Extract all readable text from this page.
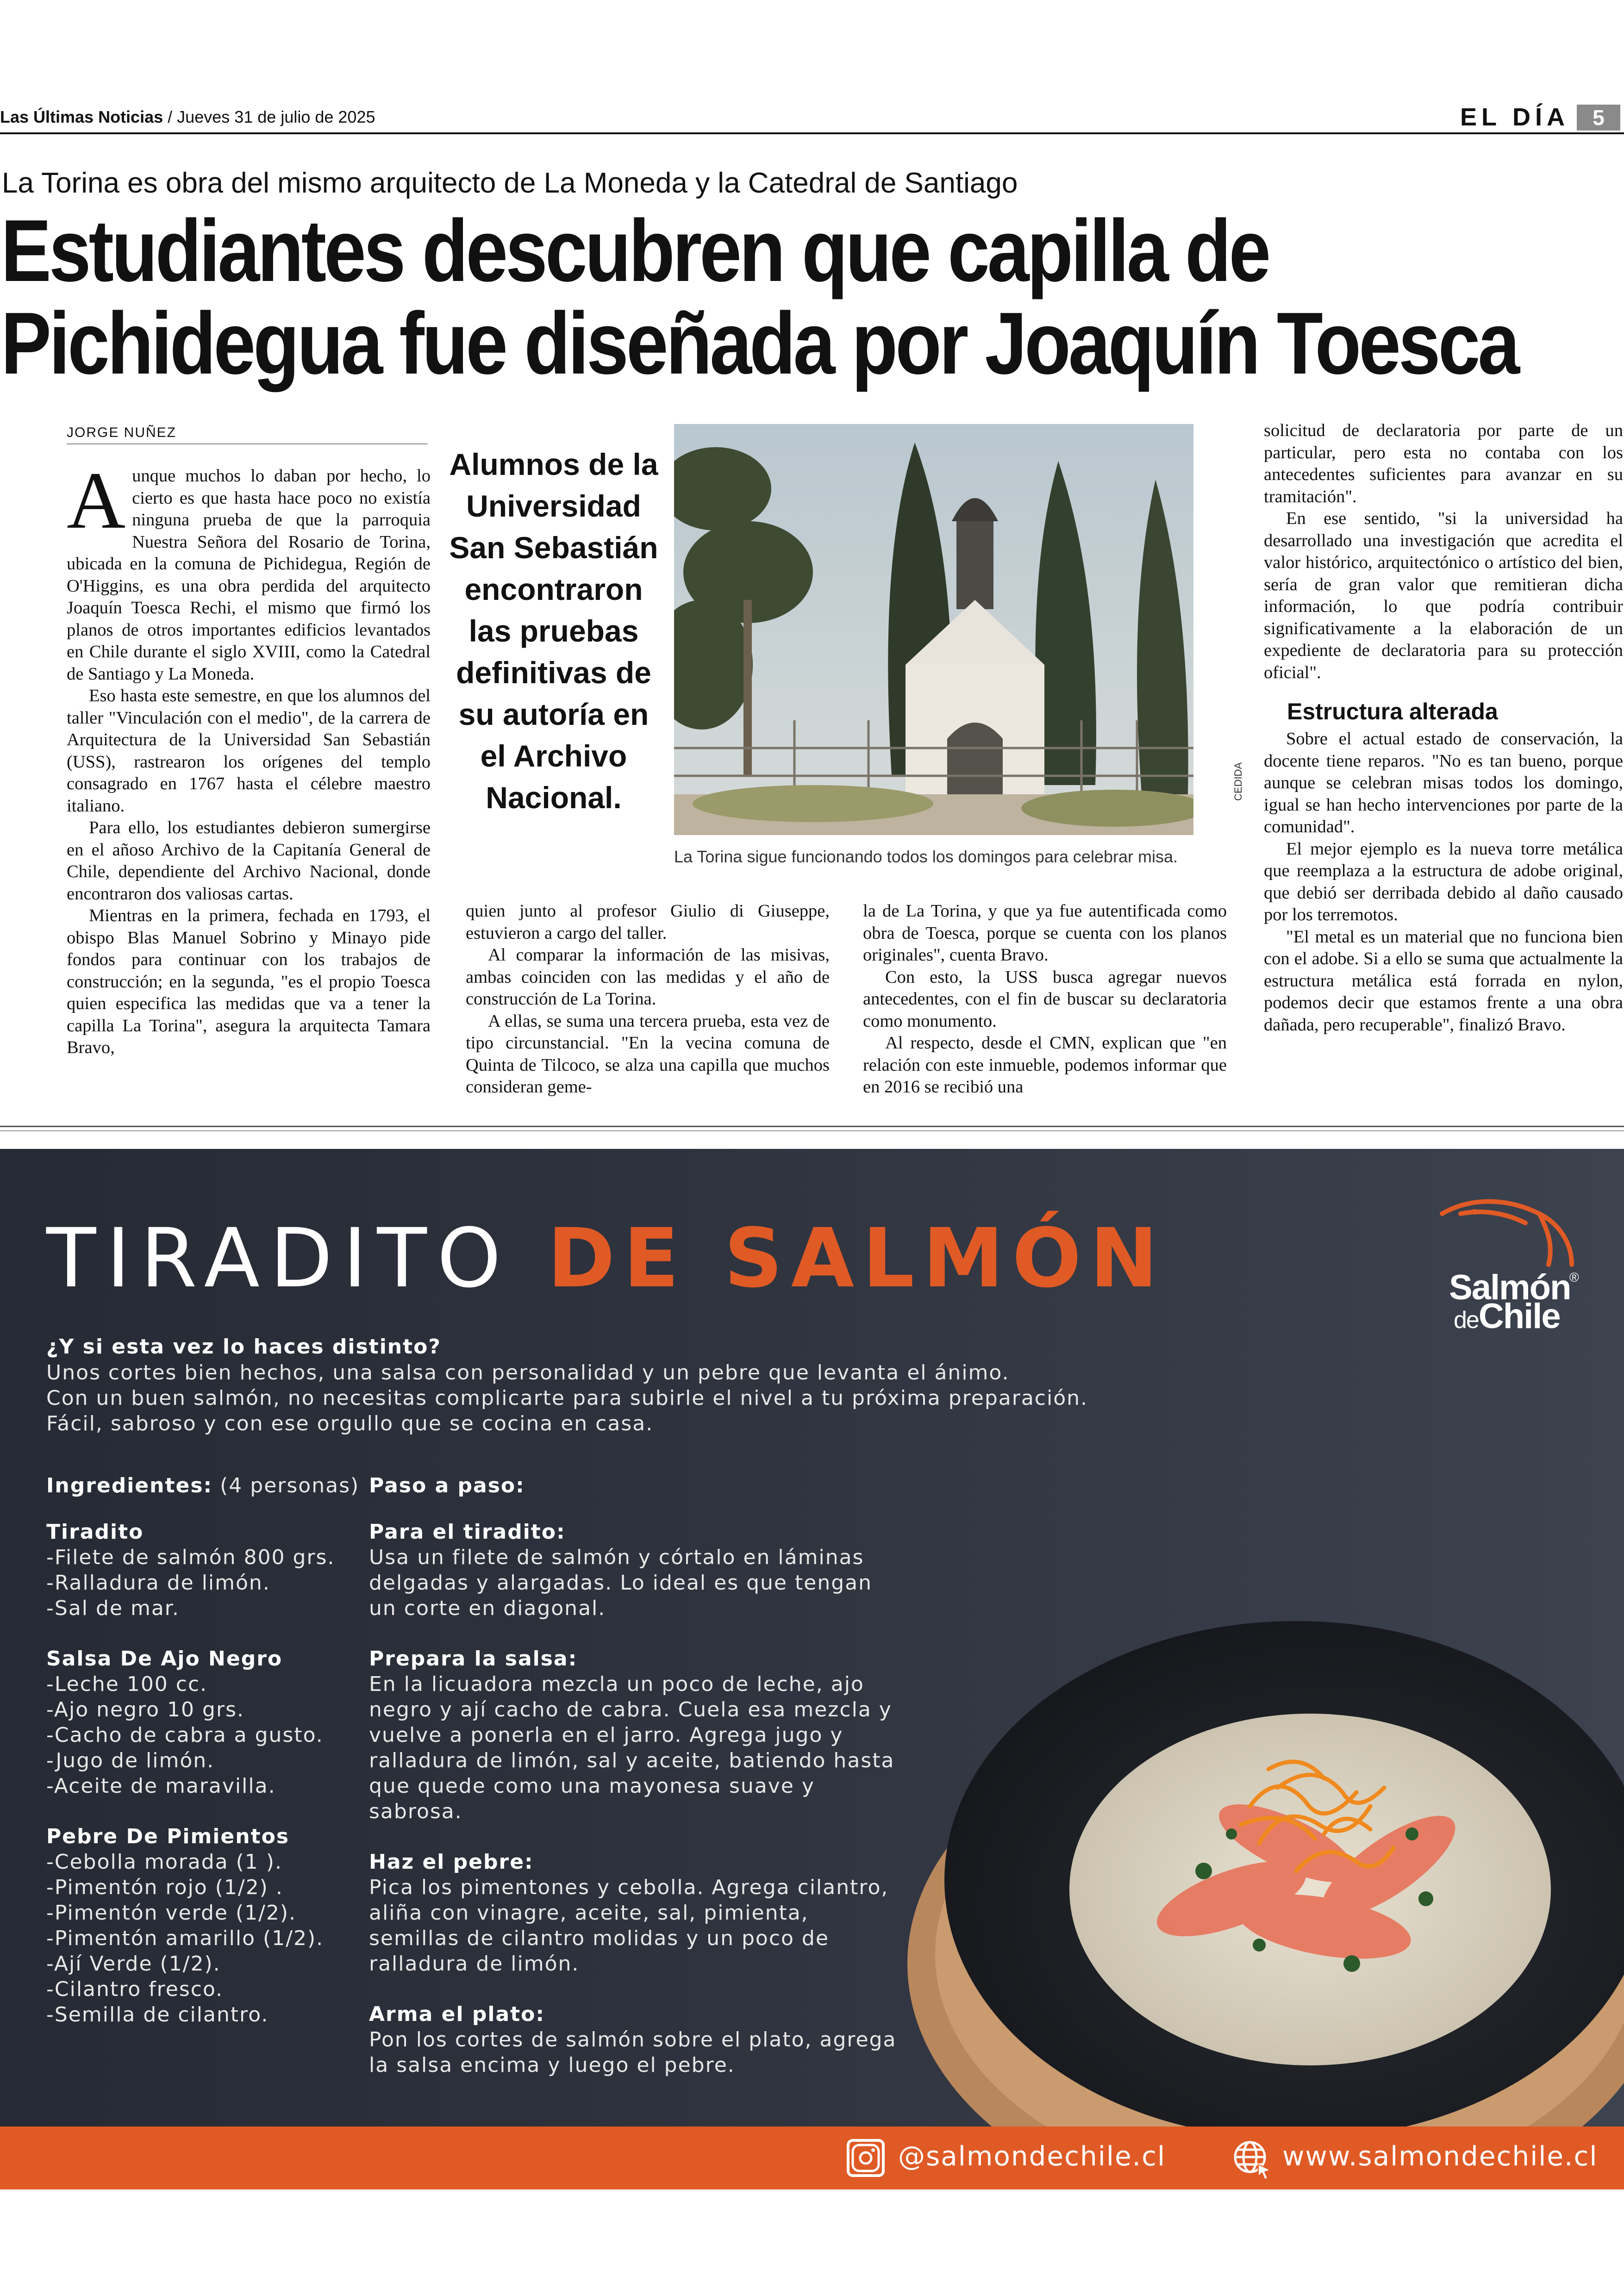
Las Últimas Noticias / Jueves 31 de julio de 2025	EL DÍA	5
La Torina es obra del mismo arquitecto de La Moneda y la Catedral de Santiago
Estudiantes descubren que capilla de
Pichidegua fue diseñada por Joaquín Toesca
JORGE NUÑEZ

Aunque muchos lo daban por hecho, lo cierto es que hasta hace poco no existía ninguna prueba de que la parroquia Nuestra Señora del Rosario de Torina, ubicada en la comuna de Pichidegua, Región de O'Higgins, es una obra perdida del arquitecto Joaquín Toesca Rechi, el mismo que firmó los planos de otros importantes edificios levantados en Chile durante el siglo XVIII, como la Catedral de Santiago y La Moneda.

Eso hasta este semestre, en que los alumnos del taller "Vinculación con el medio", de la carrera de Arquitectura de la Universidad San Sebastián (USS), rastrearon los orígenes del templo consagrado en 1767 hasta el célebre maestro italiano.

Para ello, los estudiantes debieron sumergirse en el añoso Archivo de la Capitanía General de Chile, dependiente del Archivo Nacional, donde encontraron dos valiosas cartas.

Mientras en la primera, fechada en 1793, el obispo Blas Manuel Sobrino y Minayo pide fondos para continuar con los trabajos de construcción; en la segunda, "es el propio Toesca quien especifica las medidas que va a tener la capilla La Torina", asegura la arquitecta Tamara Bravo,

Alumnos de la Universidad San Sebastián encontraron las pruebas definitivas de su autoría en el Archivo Nacional.	CEDIDA
La Torina sigue funcionando todos los domingos para celebrar misa.

quien junto al profesor Giulio di Giuseppe, estuvieron a cargo del taller.

Al comparar la información de las misivas, ambas coinciden con las medidas y el año de construcción de La Torina.

A ellas, se suma una tercera prueba, esta vez de tipo circunstancial. "En la vecina comuna de Quinta de Tilcoco, se alza una capilla que muchos consideran geme-

la de La Torina, y que ya fue autentificada como obra de Toesca, porque se cuenta con los planos originales", cuenta Bravo.

Con esto, la USS busca agregar nuevos antecedentes, con el fin de buscar su declaratoria como monumento.

Al respecto, desde el CMN, explican que "en relación con este inmueble, podemos informar que en 2016 se recibió una

solicitud de declaratoria por parte de un particular, pero esta no contaba con los antecedentes suficientes para avanzar en su tramitación".

En ese sentido, "si la universidad ha desarrollado una investigación que acredita el valor histórico, arquitectónico o artístico del bien, sería de gran valor que remitieran dicha información, lo que podría contribuir significativamente a la elaboración de un expediente de declaratoria para su protección oficial".

Estructura alterada

Sobre el actual estado de conservación, la docente tiene reparos. "No es tan bueno, porque aunque se celebran misas todos los domingo, igual se han hecho intervenciones por parte de la comunidad".

El mejor ejemplo es la nueva torre metálica que reemplaza a la estructura de adobe original, que debió ser derribada debido al daño causado por los terremotos.

"El metal es un material que no funciona bien con el adobe. Si a ello se suma que actualmente la estructura metálica está forrada en nylon, podemos decir que estamos frente a una obra dañada, pero recuperable", finalizó Bravo.

TIRADITO DE SALMÓN	Salmón
®
deChile
¿Y si esta vez lo haces distinto?
Unos cortes bien hechos, una salsa con personalidad y un pebre que levanta el ánimo.
Con un buen salmón, no necesitas complicarte para subirle el nivel a tu próxima preparación.
Fácil, sabroso y con ese orgullo que se cocina en casa.
Ingredientes: (4 personas) Paso a paso:
Tiradito
-Filete de salmón 800 grs.
-Ralladura de limón.
-Sal de mar.
Salsa De Ajo Negro
-Leche 100 cc.
-Ajo negro 10 grs.
-Cacho de cabra a gusto.
-Jugo de limón.
-Aceite de maravilla.
Pebre De Pimientos
-Cebolla morada (1 ).
-Pimentón rojo (1/2) .
-Pimentón verde (1/2).
-Pimentón amarillo (1/2).
-Ají Verde (1/2).
-Cilantro fresco.
-Semilla de cilantro.
Para el tiradito:
Usa un filete de salmón y córtalo en láminas delgadas y alargadas. Lo ideal es que tengan un corte en diagonal.
Prepara la salsa:
En la licuadora mezcla un poco de leche, ajo negro y ají cacho de cabra. Cuela esa mezcla y vuelve a ponerla en el jarro. Agrega jugo y ralladura de limón, sal y aceite, batiendo hasta que quede como una mayonesa suave y sabrosa.
Haz el pebre:
Pica los pimentones y cebolla. Agrega cilantro, aliña con vinagre, aceite, sal, pimienta, semillas de cilantro molidas y un poco de ralladura de limón.
Arma el plato:
Pon los cortes de salmón sobre el plato, agrega la salsa encima y luego el pebre.
@salmondechile.cl	www.salmondechile.cl
